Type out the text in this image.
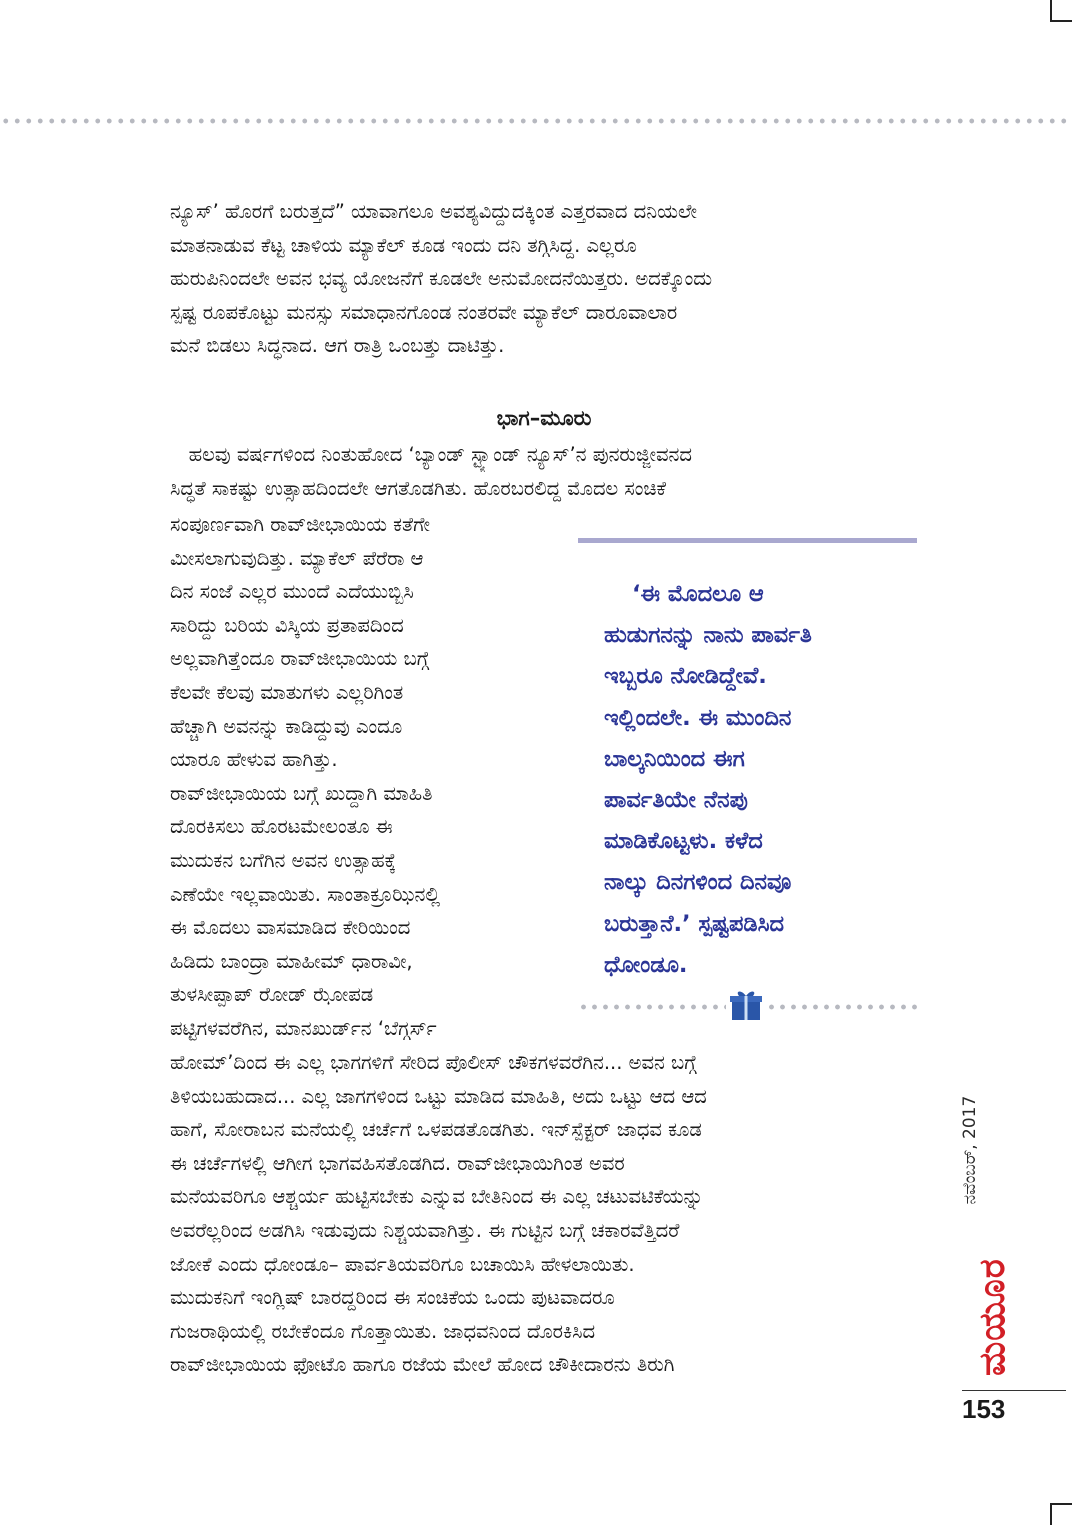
ನ್ಯೂಸ್’ ಹೊರಗೆ ಬರುತ್ತದೆ” ಯಾವಾಗಲೂ ಅವಶ್ಯವಿದ್ದುದಕ್ಕಿಂತ ಎತ್ತರವಾದ ದನಿಯಲೇ
ಮಾತನಾಡುವ ಕೆಟ್ಟ ಚಾಳಿಯ ಮ್ಯಾಕೆಲ್ ಕೂಡ ಇಂದು ದನಿ ತಗ್ಗಿಸಿದ್ದ. ಎಲ್ಲರೂ
ಹುರುಪಿನಿಂದಲೇ ಅವನ ಭವ್ಯ ಯೋಜನೆಗೆ ಕೂಡಲೇ ಅನುಮೋದನೆಯಿತ್ತರು. ಅದಕ್ಕೊಂದು
ಸ್ಪಷ್ಟ ರೂಪಕೊಟ್ಟು ಮನಸ್ಸು ಸಮಾಧಾನಗೊಂಡ ನಂತರವೇ ಮ್ಯಾಕೆಲ್ ದಾರೂವಾಲಾರ
ಮನೆ ಬಿಡಲು ಸಿದ್ಧನಾದ. ಆಗ ರಾತ್ರಿ ಒಂಬತ್ತು ದಾಟಿತ್ತು.
ಭಾಗ–ಮೂರು
ಹಲವು ವರ್ಷಗಳಿಂದ ನಿಂತುಹೋದ ‘ಬ್ಯಾಂಡ್ ಸ್ಟ್ಯಾಂಡ್ ನ್ಯೂಸ್’ನ ಪುನರುಜ್ಜೀವನದ
ಸಿದ್ಧತೆ ಸಾಕಷ್ಟು ಉತ್ಸಾಹದಿಂದಲೇ ಆಗತೊಡಗಿತು. ಹೊರಬರಲಿದ್ದ ಮೊದಲ ಸಂಚಿಕೆ
ಸಂಪೂರ್ಣವಾಗಿ ರಾವ್‌ಜೀಭಾಯಿಯ ಕತೆಗೇ
ಮೀಸಲಾಗುವುದಿತ್ತು. ಮ್ಯಾಕೆಲ್ ಪೆರೆರಾ ಆ
ದಿನ ಸಂಜೆ ಎಲ್ಲರ ಮುಂದೆ ಎದೆಯುಬ್ಬಿಸಿ
ಸಾರಿದ್ದು ಬರಿಯ ವಿಸ್ಕಿಯ ಪ್ರತಾಪದಿಂದ
ಅಲ್ಲವಾಗಿತ್ತೆಂದೂ ರಾವ್‌ಜೀಭಾಯಿಯ ಬಗ್ಗೆ
ಕೆಲವೇ ಕೆಲವು ಮಾತುಗಳು ಎಲ್ಲರಿಗಿಂತ
ಹೆಚ್ಚಾಗಿ ಅವನನ್ನು ಕಾಡಿದ್ದುವು ಎಂದೂ
ಯಾರೂ ಹೇಳುವ ಹಾಗಿತ್ತು.
ರಾವ್‌ಜೀಭಾಯಿಯ ಬಗ್ಗೆ ಖುದ್ದಾಗಿ ಮಾಹಿತಿ
ದೊರಕಿಸಲು ಹೊರಟಮೇಲಂತೂ ಈ
ಮುದುಕನ ಬಗೆಗಿನ ಅವನ ಉತ್ಸಾಹಕ್ಕೆ
ಎಣೆಯೇ ಇಲ್ಲವಾಯಿತು. ಸಾಂತಾಕ್ರೂಝಿನಲ್ಲಿ
ಈ ಮೊದಲು ವಾಸಮಾಡಿದ ಕೇರಿಯಿಂದ
ಹಿಡಿದು ಬಾಂದ್ರಾ ಮಾಹೀಮ್ ಧಾರಾವೀ,
ತುಳಸೀಪ್ಪಾಪ್ ರೋಡ್ ಝೋಪಡ
ಪಟ್ಟಿಗಳವರೆಗಿನ, ಮಾನಖುರ್ಡ್‌ನ ‘ಬೆಗ್ಗರ್ಸ್
‘ಈ ಮೊದಲೂ ಆ
ಹುಡುಗನನ್ನು ನಾನು ಪಾರ್ವತಿ
ಇಬ್ಬರೂ ನೋಡಿದ್ದೇವೆ.
ಇಲ್ಲಿಂದಲೇ. ಈ ಮುಂದಿನ
ಬಾಲ್ಕನಿಯಿಂದ ಈಗ
ಪಾರ್ವತಿಯೇ ನೆನಪು
ಮಾಡಿಕೊಟ್ಟಳು. ಕಳೆದ
ನಾಲ್ಕು ದಿನಗಳಿಂದ ದಿನವೂ
ಬರುತ್ತಾನೆ.’ ಸ್ಪಷ್ಟಪಡಿಸಿದ
ಧೋಂಡೂ.
ಹೋಮ್’ದಿಂದ ಈ ಎಲ್ಲ ಭಾಗಗಳಿಗೆ ಸೇರಿದ ಪೊಲೀಸ್ ಚೌಕಗಳವರೆಗಿನ... ಅವನ ಬಗ್ಗೆ
ತಿಳಿಯಬಹುದಾದ... ಎಲ್ಲ ಜಾಗಗಳಿಂದ ಒಟ್ಟು ಮಾಡಿದ ಮಾಹಿತಿ, ಅದು ಒಟ್ಟು ಆದ ಆದ
ಹಾಗೆ, ಸೋರಾಬನ ಮನೆಯಲ್ಲಿ ಚರ್ಚೆಗೆ ಒಳಪಡತೊಡಗಿತು. ಇನ್‌ಸ್ಪೆಕ್ಟರ್ ಜಾಧವ ಕೂಡ
ಈ ಚರ್ಚೆಗಳಲ್ಲಿ ಆಗೀಗ ಭಾಗವಹಿಸತೊಡಗಿದ. ರಾವ್‌ಜೀಭಾಯಿಗಿಂತ ಅವರ
ಮನೆಯವರಿಗೂ ಆಶ್ಚರ್ಯ ಹುಟ್ಟಿಸಬೇಕು ಎನ್ನುವ ಬೇತಿನಿಂದ ಈ ಎಲ್ಲ ಚಟುವಟಿಕೆಯನ್ನು
ಅವರೆಲ್ಲರಿಂದ ಅಡಗಿಸಿ ಇಡುವುದು ನಿಶ್ಚಯವಾಗಿತ್ತು. ಈ ಗುಟ್ಟಿನ ಬಗ್ಗೆ ಚಕಾರವೆತ್ತಿದರೆ
ಜೋಕೆ ಎಂದು ಧೋಂಡೂ– ಪಾರ್ವತಿಯವರಿಗೂ ಬಚಾಯಿಸಿ ಹೇಳಲಾಯಿತು.
ಮುದುಕನಿಗೆ ಇಂಗ್ಲಿಷ್ ಬಾರದ್ದರಿಂದ ಈ ಸಂಚಿಕೆಯ ಒಂದು ಪುಟವಾದರೂ
ಗುಜರಾಥಿಯಲ್ಲಿ ರಬೇಕೆಂದೂ ಗೊತ್ತಾಯಿತು. ಜಾಧವನಿಂದ ದೊರಕಿಸಿದ
ರಾವ್‌ಜೀಭಾಯಿಯ ಫೋಟೊ ಹಾಗೂ ರಜೆಯ ಮೇಲೆ ಹೋದ ಚೌಕೀದಾರನು ತಿರುಗಿ
ನವೆಂಬರ್, 2017
ಮಯೂರ
153
